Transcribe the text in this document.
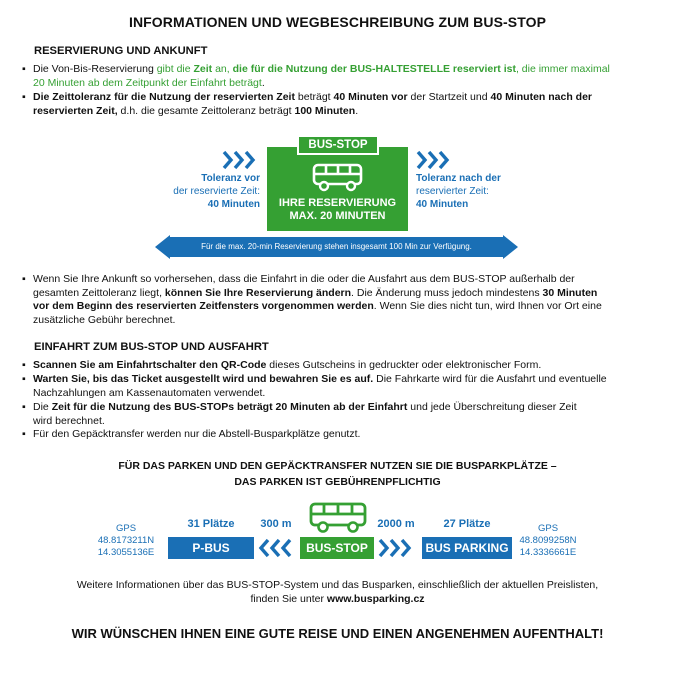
INFORMATIONEN UND WEGBESCHREIBUNG ZUM BUS-STOP
RESERVIERUNG UND ANKUNFT
▪ Die Von-Bis-Reservierung gibt die Zeit an, die für die Nutzung der BUS-HALTESTELLE reserviert ist, die immer maximal
20 Minuten ab dem Zeitpunkt der Einfahrt beträgt.
▪ Die Zeittoleranz für die Nutzung der reservierten Zeit beträgt 40 Minuten vor der Startzeit und 40 Minuten nach der
reservierten Zeit, d.h. die gesamte Zeittoleranz beträgt 100 Minuten.
Toleranz vor
der reservierte Zeit:
40 Minuten
BUS-STOP
IHRE RESERVIERUNG
MAX. 20 MINUTEN
Toleranz nach der
reservierter Zeit:
40 Minuten
Für die max. 20-min Reservierung stehen insgesamt 100 Min zur Verfügung.
▪ Wenn Sie Ihre Ankunft so vorhersehen, dass die Einfahrt in die oder die Ausfahrt aus dem BUS-STOP außerhalb der
gesamten Zeittoleranz liegt, können Sie Ihre Reservierung ändern. Die Änderung muss jedoch mindestens 30 Minuten
vor dem Beginn des reservierten Zeitfensters vorgenommen werden. Wenn Sie dies nicht tun, wird Ihnen vor Ort eine
zusätzliche Gebühr berechnet.
EINFAHRT ZUM BUS-STOP UND AUSFAHRT
▪ Scannen Sie am Einfahrtschalter den QR-Code dieses Gutscheins in gedruckter oder elektronischer Form.
▪ Warten Sie, bis das Ticket ausgestellt wird und bewahren Sie es auf. Die Fahrkarte wird für die Ausfahrt und eventuelle
Nachzahlungen am Kassenautomaten verwendet.
▪ Die Zeit für die Nutzung des BUS-STOPs beträgt 20 Minuten ab der Einfahrt und jede Überschreitung dieser Zeit
wird berechnet.
▪ Für den Gepäcktransfer werden nur die Abstell-Busparkplätze genutzt.
FÜR DAS PARKEN UND DEN GEPÄCKTRANSFER NUTZEN SIE DIE BUSPARKPLÄTZE –
DAS PARKEN IST GEBÜHRENPFLICHTIG
GPS
48.8173211N
14.3055136E
31 Plätze
P-BUS
300 m
BUS-STOP
2000 m	27 Plätze
BUS PARKING
GPS
48.8099258N
14.3336661E
Weitere Informationen über das BUS-STOP-System und das Busparken, einschließlich der aktuellen Preislisten,
finden Sie unter www.busparking.cz
WIR WÜNSCHEN IHNEN EINE GUTE REISE UND EINEN ANGENEHMEN AUFENTHALT!
